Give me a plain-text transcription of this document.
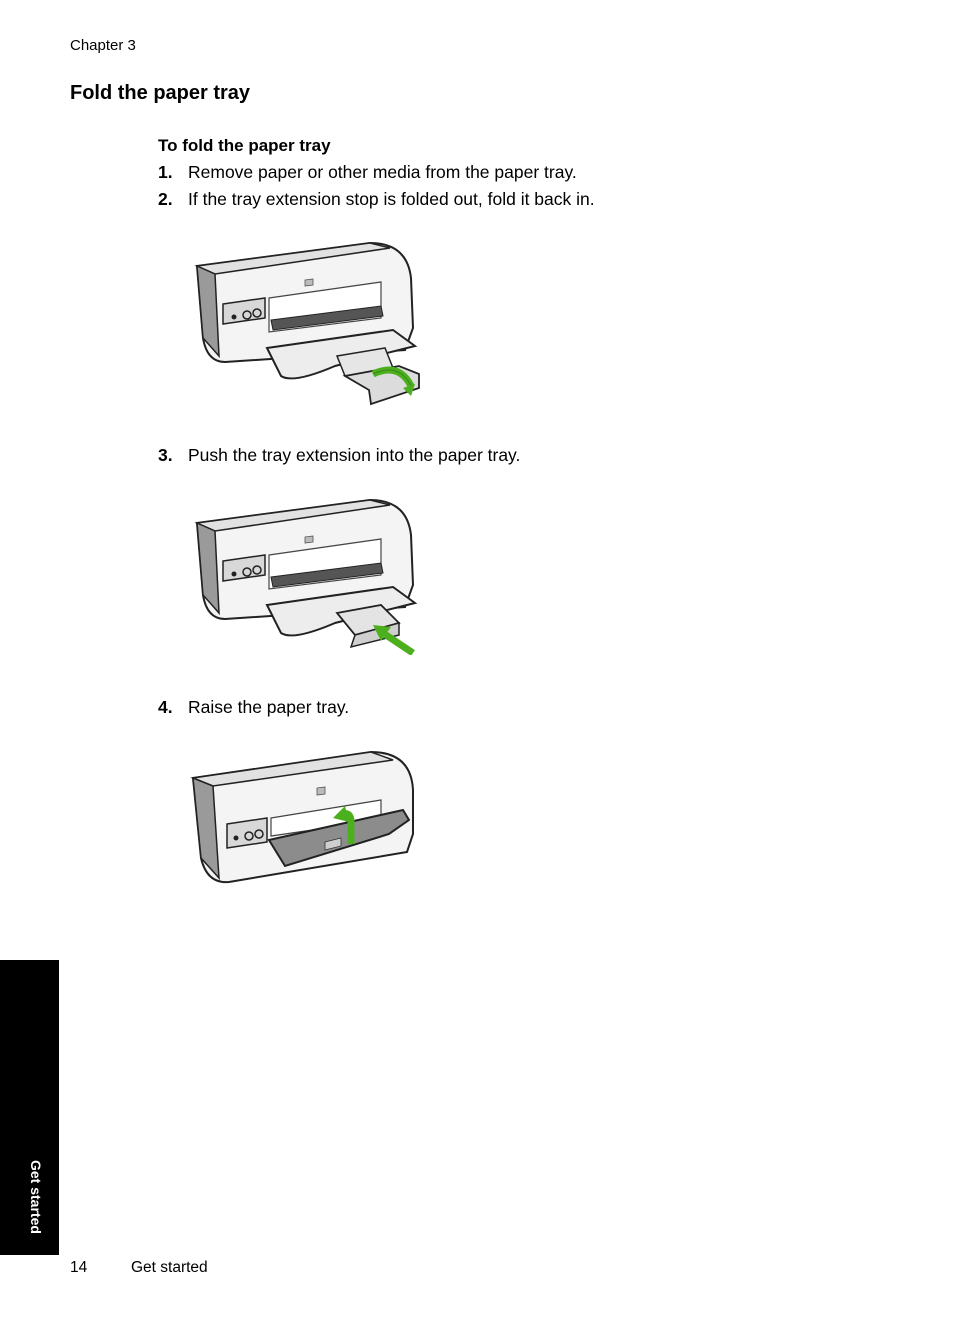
Chapter 3
Fold the paper tray
To fold the paper tray
1. Remove paper or other media from the paper tray.
2. If the tray extension stop is folded out, fold it back in.
3. Push the tray extension into the paper tray.
4. Raise the paper tray.
Get started
14	Get started
